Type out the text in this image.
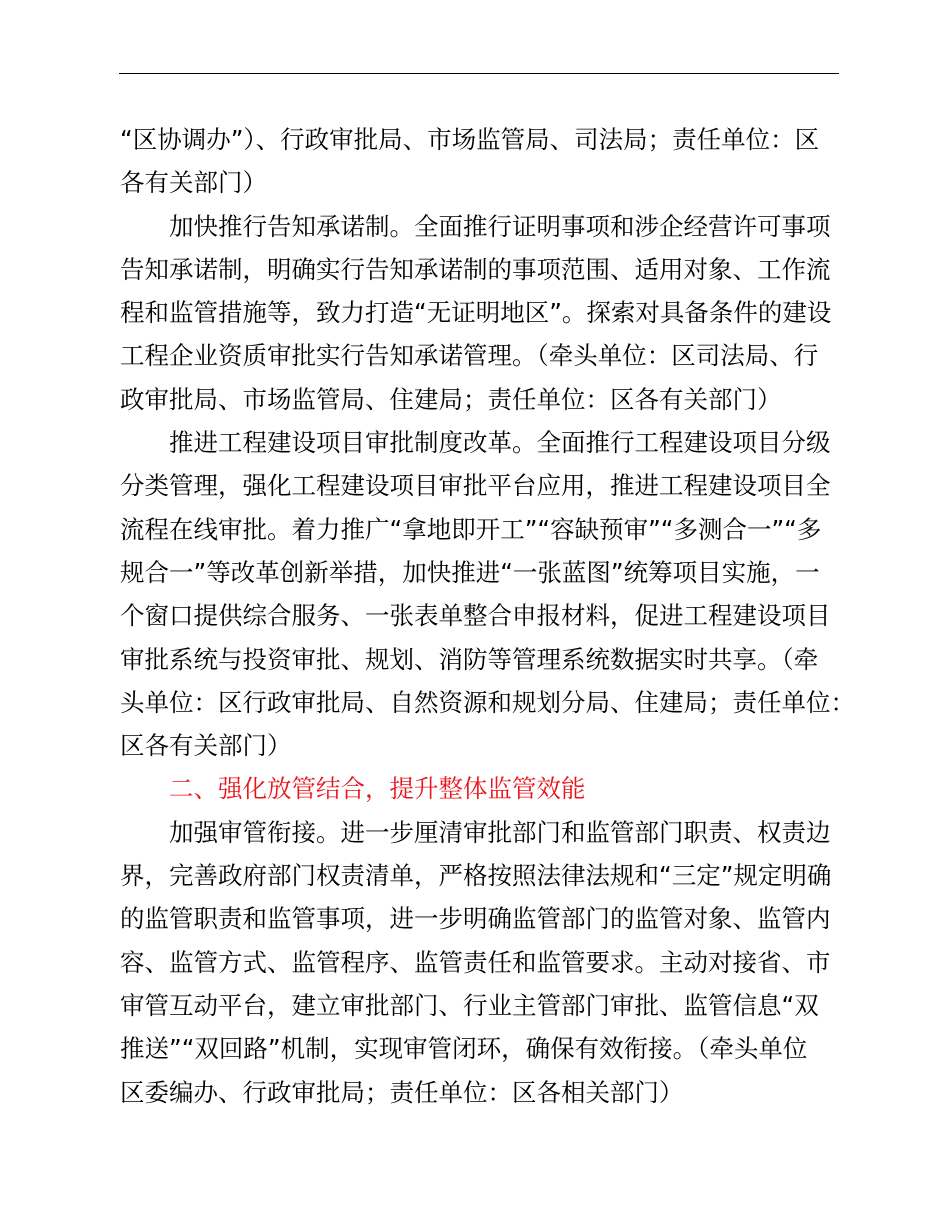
“区协调办”）、行政审批局、市场监管局、司法局；责任单位：区
各有关部门）
加快推行告知承诺制。全面推行证明事项和涉企经营许可事项
告知承诺制，明确实行告知承诺制的事项范围、适用对象、工作流
程和监管措施等，致力打造“无证明地区”。探索对具备条件的建设
工程企业资质审批实行告知承诺管理。（牵头单位：区司法局、行
政审批局、市场监管局、住建局；责任单位：区各有关部门）
推进工程建设项目审批制度改革。全面推行工程建设项目分级
分类管理，强化工程建设项目审批平台应用，推进工程建设项目全
流程在线审批。着力推广“拿地即开工”“容缺预审”“多测合一”“多
规合一”等改革创新举措，加快推进“一张蓝图”统筹项目实施，一
个窗口提供综合服务、一张表单整合申报材料，促进工程建设项目
审批系统与投资审批、规划、消防等管理系统数据实时共享。（牵
头单位：区行政审批局、自然资源和规划分局、住建局；责任单位：
区各有关部门）
二、强化放管结合，提升整体监管效能
加强审管衔接。进一步厘清审批部门和监管部门职责、权责边
界，完善政府部门权责清单，严格按照法律法规和“三定”规定明确
的监管职责和监管事项，进一步明确监管部门的监管对象、监管内
容、监管方式、监管程序、监管责任和监管要求。主动对接省、市
审管互动平台，建立审批部门、行业主管部门审批、监管信息“双
推送”“双回路”机制，实现审管闭环，确保有效衔接。（牵头单位
区委编办、行政审批局；责任单位：区各相关部门）
